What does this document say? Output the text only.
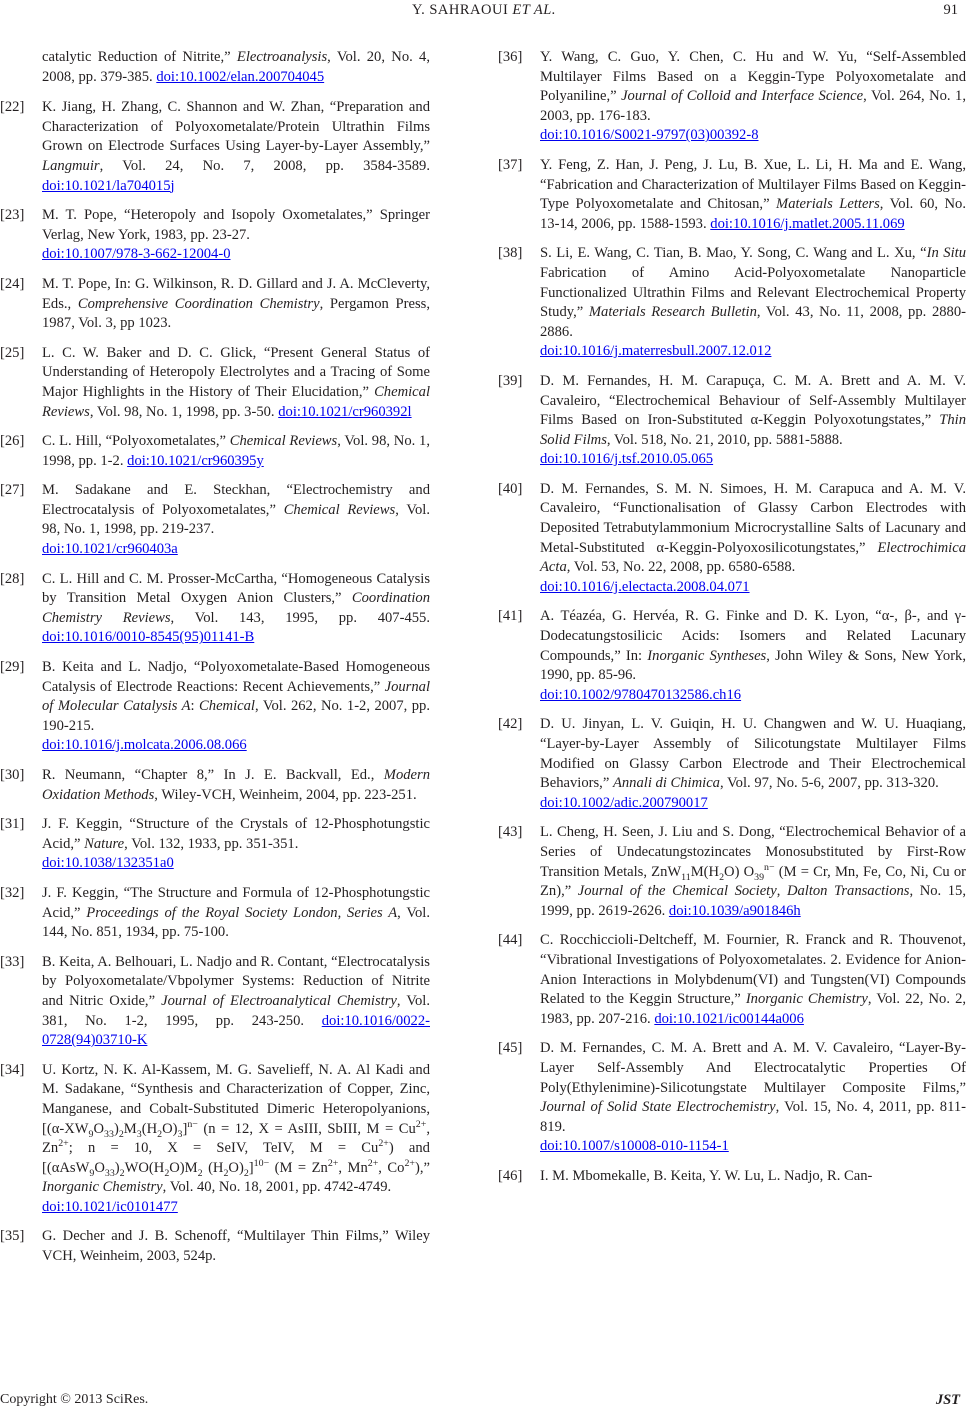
Y. SAHRAOUI ET AL.	91
catalytic Reduction of Nitrite,” Electroanalysis, Vol. 20, No. 4, 2008, pp. 379-385. doi:10.1002/elan.200704045
[22] K. Jiang, H. Zhang, C. Shannon and W. Zhan, “Preparation and Characterization of Polyoxometalate/Protein Ultrathin Films Grown on Electrode Surfaces Using Layer-by-Layer Assembly,” Langmuir, Vol. 24, No. 7, 2008, pp. 3584-3589. doi:10.1021/la704015j
[23] M. T. Pope, “Heteropoly and Isopoly Oxometalates,” Springer Verlag, New York, 1983, pp. 23-27.
doi:10.1007/978-3-662-12004-0
[24] M. T. Pope, In: G. Wilkinson, R. D. Gillard and J. A. McCleverty, Eds., Comprehensive Coordination Chemistry, Pergamon Press, 1987, Vol. 3, pp 1023.
[25] L. C. W. Baker and D. C. Glick, “Present General Status of Understanding of Heteropoly Electrolytes and a Tracing of Some Major Highlights in the History of Their Elucidation,” Chemical Reviews, Vol. 98, No. 1, 1998, pp. 3-50. doi:10.1021/cr960392l
[26] C. L. Hill, “Polyoxometalates,” Chemical Reviews, Vol. 98, No. 1, 1998, pp. 1-2. doi:10.1021/cr960395y
[27] M. Sadakane and E. Steckhan, “Electrochemistry and Electrocatalysis of Polyoxometalates,” Chemical Reviews, Vol. 98, No. 1, 1998, pp. 219-237.
doi:10.1021/cr960403a
[28] C. L. Hill and C. M. Prosser-McCartha, “Homogeneous Catalysis by Transition Metal Oxygen Anion Clusters,” Coordination Chemistry Reviews, Vol. 143, 1995, pp. 407-455. doi:10.1016/0010-8545(95)01141-B
[29] B. Keita and L. Nadjo, “Polyoxometalate-Based Homogeneous Catalysis of Electrode Reactions: Recent Achievements,” Journal of Molecular Catalysis A: Chemical, Vol. 262, No. 1-2, 2007, pp. 190-215.
doi:10.1016/j.molcata.2006.08.066
[30] R. Neumann, “Chapter 8,” In J. E. Backvall, Ed., Modern Oxidation Methods, Wiley-VCH, Weinheim, 2004, pp. 223-251.
[31] J. F. Keggin, “Structure of the Crystals of 12-Phosphotungstic Acid,” Nature, Vol. 132, 1933, pp. 351-351.
doi:10.1038/132351a0
[32] J. F. Keggin, “The Structure and Formula of 12-Phosphotungstic Acid,” Proceedings of the Royal Society London, Series A, Vol. 144, No. 851, 1934, pp. 75-100.
[33] B. Keita, A. Belhouari, L. Nadjo and R. Contant, “Electrocatalysis by Polyoxometalate/Vbpolymer Systems: Reduction of Nitrite and Nitric Oxide,” Journal of Electroanalytical Chemistry, Vol. 381, No. 1-2, 1995, pp. 243-250. doi:10.1016/0022-0728(94)03710-K
[34] U. Kortz, N. K. Al-Kassem, M. G. Savelieff, N. A. Al Kadi and M. Sadakane, “Synthesis and Characterization of Copper, Zinc, Manganese, and Cobalt-Substituted Dimeric Heteropolyanions, $[(\alpha-XW_9O_{33})_2M_3(H_2O)_3]^{n-}$ (n = 12, X = AsIII, SbIII, $M = Cu^{2+}$, $Zn^{2+}$; n = 10, X = SeIV, TeIV, $M = Cu^{2+}$) and [$(\alpha AsW_9O_{33})_2WO(H_2O)M_2$ $(H_2O)_2]^{10-}$ ($M = Zn^{2+}$, $Mn^{2+}$, $Co^{2+}$),” Inorganic Chemistry, Vol. 40, No. 18, 2001, pp. 4742-4749.
doi:10.1021/ic0101477
[35] G. Decher and J. B. Schenoff, “Multilayer Thin Films,” Wiley VCH, Weinheim, 2003, 524p.
[36] Y. Wang, C. Guo, Y. Chen, C. Hu and W. Yu, “Self-Assembled Multilayer Films Based on a Keggin-Type Polyoxometalate and Polyaniline,” Journal of Colloid and Interface Science, Vol. 264, No. 1, 2003, pp. 176-183.
doi:10.1016/S0021-9797(03)00392-8
[37] Y. Feng, Z. Han, J. Peng, J. Lu, B. Xue, L. Li, H. Ma and E. Wang, “Fabrication and Characterization of Multilayer Films Based on Keggin-Type Polyoxometalate and Chitosan,” Materials Letters, Vol. 60, No. 13-14, 2006, pp. 1588-1593. doi:10.1016/j.matlet.2005.11.069
[38] S. Li, E. Wang, C. Tian, B. Mao, Y. Song, C. Wang and L. Xu, “In Situ Fabrication of Amino Acid-Polyoxometalate Nanoparticle Functionalized Ultrathin Films and Relevant Electrochemical Property Study,” Materials Research Bulletin, Vol. 43, No. 11, 2008, pp. 2880-2886.
doi:10.1016/j.materresbull.2007.12.012
[39] D. M. Fernandes, H. M. Carapuça, C. M. A. Brett and A. M. V. Cavaleiro, “Electrochemical Behaviour of Self-Assembly Multilayer Films Based on Iron-Substituted α-Keggin Polyoxotungstates,” Thin Solid Films, Vol. 518, No. 21, 2010, pp. 5881-5888.
doi:10.1016/j.tsf.2010.05.065
[40] D. M. Fernandes, S. M. N. Simoes, H. M. Carapuca and A. M. V. Cavaleiro, “Functionalisation of Glassy Carbon Electrodes with Deposited Tetrabutylammonium Microcrystalline Salts of Lacunary and Metal-Substituted α-Keggin-Polyoxosilicotungstates,” Electrochimica Acta, Vol. 53, No. 22, 2008, pp. 6580-6588.
doi:10.1016/j.electacta.2008.04.071
[41] A. Téazéa, G. Hervéa, R. G. Finke and D. K. Lyon, “α-, β-, and γ-Dodecatungstosilicic Acids: Isomers and Related Lacunary Compounds,” In: Inorganic Syntheses, John Wiley & Sons, New York, 1990, pp. 85-96.
doi:10.1002/9780470132586.ch16
[42] D. U. Jinyan, L. V. Guiqin, H. U. Changwen and W. U. Huaqiang, “Layer-by-Layer Assembly of Silicotungstate Multilayer Films Modified on Glassy Carbon Electrode and Their Electrochemical Behaviors,” Annali di Chimica, Vol. 97, No. 5-6, 2007, pp. 313-320.
doi:10.1002/adic.200790017
[43] L. Cheng, H. Seen, J. Liu and S. Dong, “Electrochemical Behavior of a Series of Undecatungstozincates Monosubstituted by First-Row Transition Metals, $ZnW_{11}M(H_2O)$ $O_{39}^{n-}$ (M = Cr, Mn, Fe, Co, Ni, Cu or Zn),” Journal of the Chemical Society, Dalton Transactions, No. 15, 1999, pp. 2619-2626. doi:10.1039/a901846h
[44] C. Rocchiccioli-Deltcheff, M. Fournier, R. Franck and R. Thouvenot, “Vibrational Investigations of Polyoxometalates. 2. Evidence for Anion-Anion Interactions in Molybdenum(VI) and Tungsten(VI) Compounds Related to the Keggin Structure,” Inorganic Chemistry, Vol. 22, No. 2, 1983, pp. 207-216. doi:10.1021/ic00144a006
[45] D. M. Fernandes, C. M. A. Brett and A. M. V. Cavaleiro, “Layer-By-Layer Self-Assembly And Electrocatalytic Properties Of Poly(Ethylenimine)-Silicotungstate Multilayer Composite Films,” Journal of Solid State Electrochemistry, Vol. 15, No. 4, 2011, pp. 811-819.
doi:10.1007/s10008-010-1154-1
[46] I. M. Mbomekalle, B. Keita, Y. W. Lu, L. Nadjo, R. Can-
Copyright © 2013 SciRes.	JST
